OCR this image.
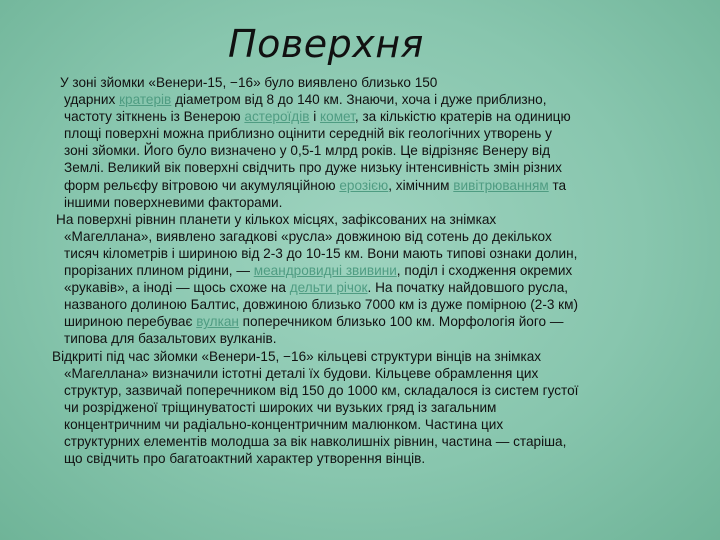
Поверхня
У зоні зйомки «Венери-15, −16» було виявлено близько 150
ударних кратерів діаметром від 8 до 140 км. Знаючи, хоча і дуже приблизно,
частоту зіткнень із Венерою астероїдів і комет, за кількістю кратерів на одиницю
площі поверхні можна приблизно оцінити середній вік геологічних утворень у
зоні зйомки. Його було визначено у 0,5-1 млрд років. Це відрізняє Венеру від
Землі. Великий вік поверхні свідчить про дуже низьку інтенсивність змін різних
форм рельєфу вітровою чи акумуляційною ерозією, хімічним вивітрюванням та
іншими поверхневими факторами.
На поверхні рівнин планети у кількох місцях, зафіксованих на знімках
«Магеллана», виявлено загадкові «русла» довжиною від сотень до декількох
тисяч кілометрів і шириною від 2-3 до 10-15 км. Вони мають типові ознаки долин,
прорізаних плином рідини, — меандровидні звивини, поділ і сходження окремих
«рукавів», а іноді — щось схоже на дельти річок. На початку найдовшого русла,
названого долиною Балтис, довжиною близько 7000 км із дуже помірною (2-3 км)
шириною перебуває вулкан поперечником близько 100 км. Морфологія його —
типова для базальтових вулканів.
Відкриті під час зйомки «Венери-15, −16» кільцеві структури вінців на знімках
«Магеллана» визначили істотні деталі їх будови. Кільцеве обрамлення цих
структур, зазвичай поперечником від 150 до 1000 км, складалося із систем густої
чи розрідженої тріщинуватості широких чи вузьких гряд із загальним
концентричним чи радіально-концентричним малюнком. Частина цих
структурних елементів молодша за вік навколишніх рівнин, частина — старіша,
що свідчить про багатоактний характер утворення вінців.
